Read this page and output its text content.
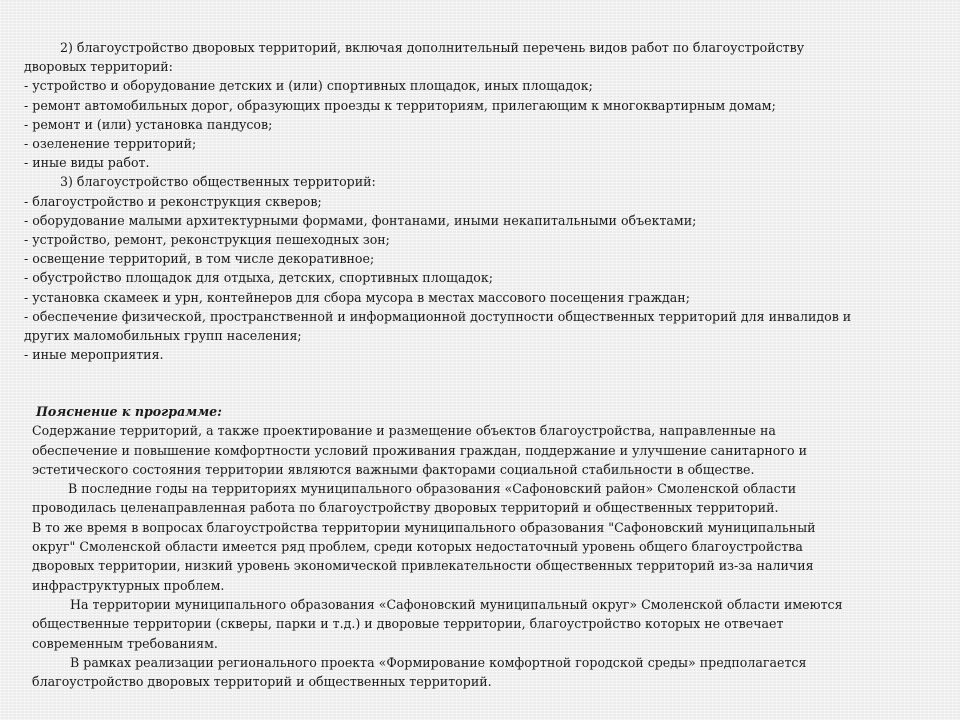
2) благоустройство дворовых территорий, включая дополнительный перечень видов работ по благоустройству
дворовых территорий:
- устройство и оборудование детских и (или) спортивных площадок, иных площадок;
- ремонт автомобильных дорог, образующих проезды к территориям, прилегающим к многоквартирным домам;
- ремонт и (или) установка пандусов;
- озеленение территорий;
- иные виды работ.
3) благоустройство общественных территорий:
- благоустройство и реконструкция скверов;
- оборудование малыми архитектурными формами, фонтанами, иными некапитальными объектами;
- устройство, ремонт, реконструкция пешеходных зон;
- освещение территорий, в том числе декоративное;
- обустройство площадок для отдыха, детских, спортивных площадок;
- установка скамеек и урн, контейнеров для сбора мусора в местах массового посещения граждан;
- обеспечение физической, пространственной и информационной доступности общественных территорий для инвалидов и
других маломобильных групп населения;
- иные мероприятия.
Пояснение к программе:
Содержание территорий, а также проектирование и размещение объектов благоустройства, направленные на
обеспечение и повышение комфортности условий проживания граждан, поддержание и улучшение санитарного и
эстетического состояния территории являются важными факторами социальной стабильности в обществе.
В последние годы на территориях муниципального образования «Сафоновский район» Смоленской области
проводилась целенаправленная работа по благоустройству дворовых территорий и общественных территорий.
В то же время в вопросах благоустройства территории муниципального образования "Сафоновский муниципальный
округ" Смоленской области имеется ряд проблем, среди которых недостаточный уровень общего благоустройства
дворовых территории, низкий уровень экономической привлекательности общественных территорий из-за наличия
инфраструктурных проблем.
На территории муниципального образования «Сафоновский муниципальный округ» Смоленской области имеются
общественные территории (скверы, парки и т.д.) и дворовые территории, благоустройство которых не отвечает
современным требованиям.
В рамках реализации регионального проекта «Формирование комфортной городской среды» предполагается
благоустройство дворовых территорий и общественных территорий.
